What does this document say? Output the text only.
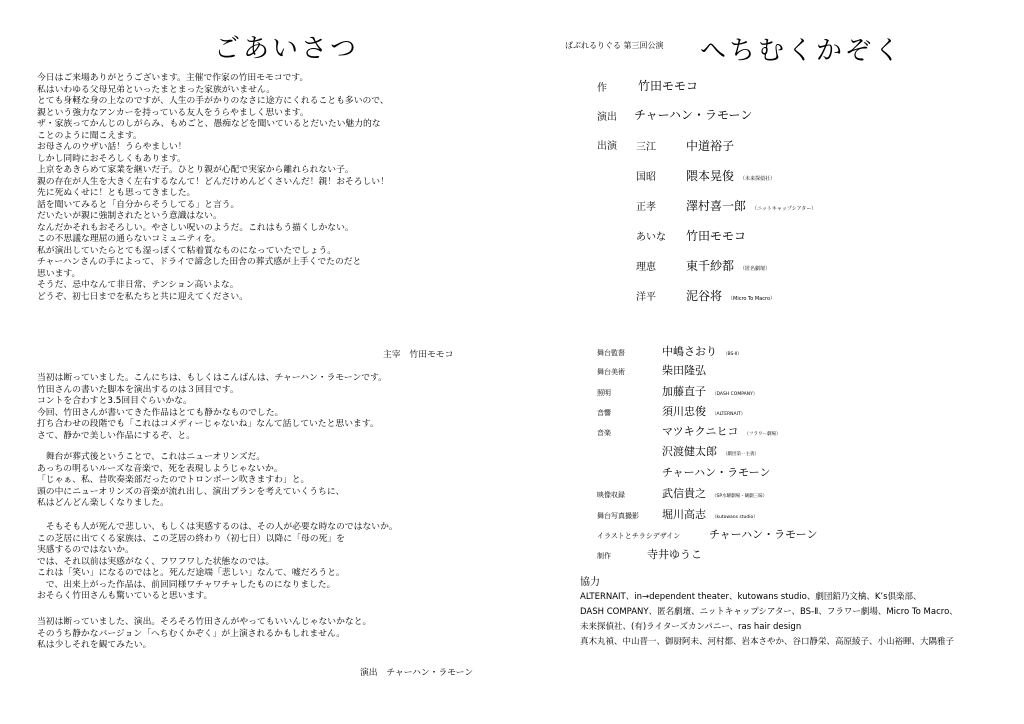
ごあいさつ
今日はご来場ありがとうございます。主催で作家の竹田モモコです。
私はいわゆる父母兄弟といったまとまった家族がいません。
とても身軽な身の上なのですが、人生の手がかりのなさに途方にくれることも多いので、
親という強力なアンカーを持っている友人をうらやましく思います。
ザ・家族ってかんじのしがらみ、もめごと、愚痴などを聞いているとだいたい魅力的な
ことのように聞こえます。
お母さんのウザい話！うらやましい！
しかし同時におそろしくもあります。
上京をあきらめて家業を継いだ子。ひとり親が心配で実家から離れられない子。
親の存在が人生を大きく左右するなんて！どんだけめんどくさいんだ！親！おそろしい！
先に死ぬくせに！とも思ってきました。
話を聞いてみると「自分からそうしてる」と言う。
だいたいが親に強制されたという意識はない。
なんだかそれもおそろしい。やさしい呪いのようだ。これはもう描くしかない。
この不思議な理屈の通らないコミュニティを。
私が演出していたらとても湿っぽくて粘着質なものになっていたでしょう。
チャーハンさんの手によって、ドライで諦念した田舎の葬式感が上手くでたのだと
思います。
そうだ、忌中なんて非日常、テンション高いよな。
どうぞ、初七日までを私たちと共に迎えてください。
主宰　竹田モモコ
当初は断っていました。こんにちは、もしくはこんばんは、チャーハン・ラモーンです。
竹田さんの書いた脚本を演出するのは３回目です。
コントを合わすと3.5回目ぐらいかな。
今回、竹田さんが書いてきた作品はとても静かなものでした。
打ち合わせの段階でも「これはコメディーじゃないね」なんて話していたと思います。
さて、静かで美しい作品にするぞ、と。
　舞台が葬式後ということで、これはニューオリンズだ。
あっちの明るいルーズな音楽で、死を表現しようじゃないか。
「じゃぁ、私、昔吹奏楽部だったのでトロンボーン吹きますわ」と。
頭の中にニューオリンズの音楽が流れ出し、演出プランを考えていくうちに、
私はどんどん楽しくなりました。
　そもそも人が死んで悲しい、もしくは実感するのは、その人が必要な時なのではないか。
この芝居に出てくる家族は、この芝居の終わり（初七日）以降に「母の死」を
実感するのではないか。
では、それ以前は実感がなく、フワフワした状態なのでは。
これは「笑い」になるのではと。死んだ途端「悲しい」なんて、嘘だろうと。
　で、出来上がった作品は、前回同様ワチャワチャしたものになりました。
おそらく竹田さんも驚いていると思います。
当初は断っていました、演出。そろそろ竹田さんがやってもいいんじゃないかなと。
そのうち静かなバージョン「へちむくかぞく」が上演されるかもしれません。
私は少しそれを観てみたい。
演出　チャーハン・ラモーン
ぱぶれるりぐる 第三回公演 へちむくかぞく
作	竹田モモコ
演出 チャーハン・ラモーン
出演 三江	中道裕子
国昭	隈本晃俊 （未来探偵社）
正孝	澤村喜一郎 （ニットキャップシアター）
あいな 竹田モモコ
理恵	東千紗都 （匿名劇壇）
洋平	泥谷将 （Micro To Macro）
舞台監督	中嶋さおり （BS-Ⅱ）
舞台美術	柴田隆弘
照明	加藤直子 （DASH COMPANY）
音響	須川忠俊 （ALTERNAIT）
音楽	マツキクニヒコ （フラワー劇場）
沢渡健太郎 （劇団第一主義）
チャーハン・ラモーン
映像収録	武信貴之 （SP水曜劇場・観劇三昧）
舞台写真撮影 堀川高志 （kutowans studio）
イラストとチラシデザイン	チャーハン・ラモーン
制作	寺井ゆうこ
協力
ALTERNAIT、in→dependent theater、kutowans studio、劇団鉛乃文檎、K’s倶楽部、
DASH COMPANY、匿名劇壇、ニットキャップシアター、BS-Ⅱ、フラワー劇場、Micro To Macro、
未来探偵社、(有)ライターズカンパニー、ras hair design
真木丸禎、中山晋一、御厨阿未、河村都、岩本さやか、谷口静栄、高原綾子、小山裕暉、大隅雅子
